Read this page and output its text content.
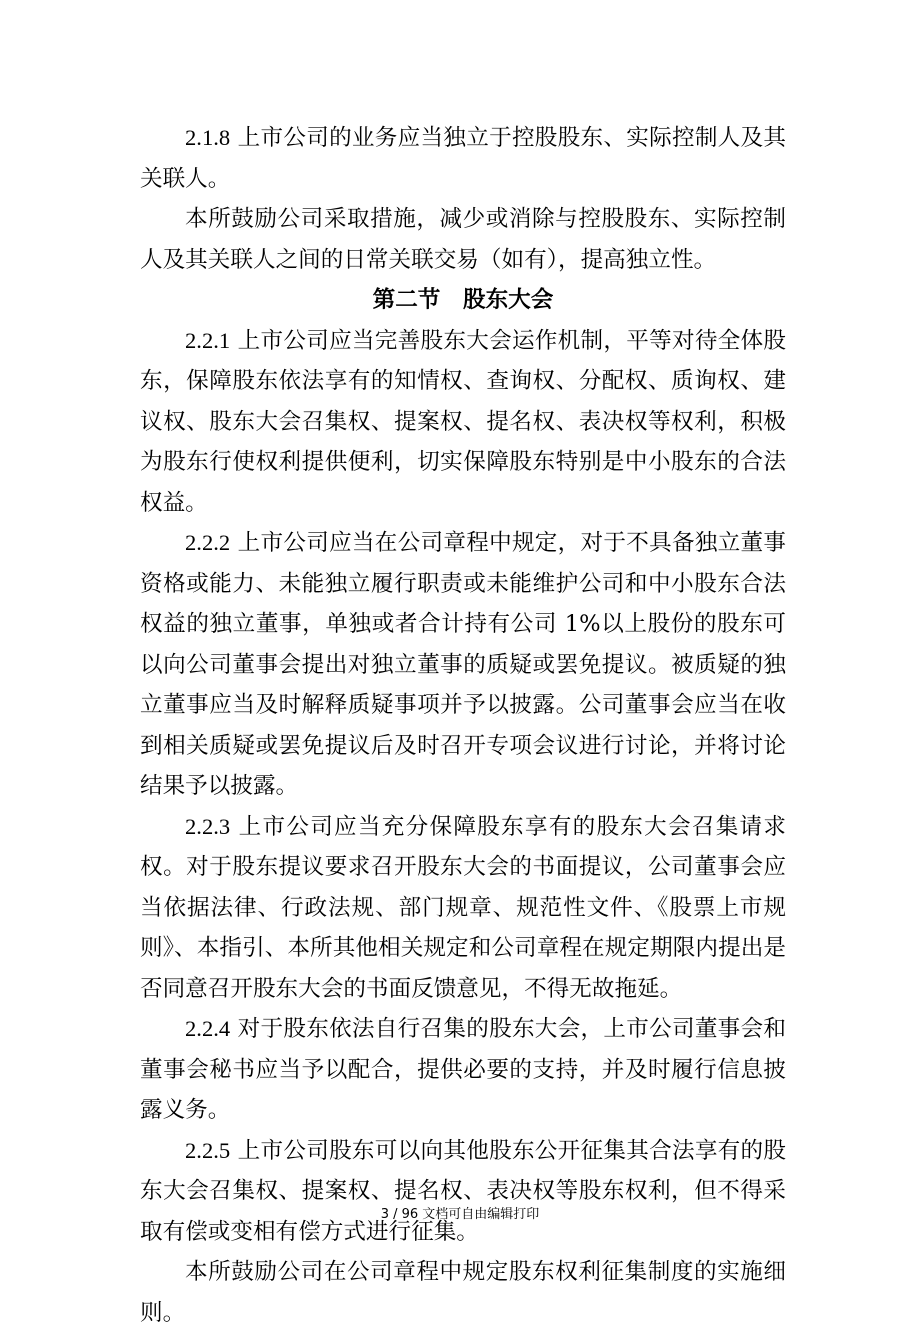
2.1.8 上市公司的业务应当独立于控股股东、实际控制人及其关联人。

本所鼓励公司采取措施，减少或消除与控股股东、实际控制人及其关联人之间的日常关联交易（如有），提高独立性。

第二节　股东大会

2.2.1 上市公司应当完善股东大会运作机制，平等对待全体股东，保障股东依法享有的知情权、查询权、分配权、质询权、建议权、股东大会召集权、提案权、提名权、表决权等权利，积极为股东行使权利提供便利，切实保障股东特别是中小股东的合法权益。

2.2.2 上市公司应当在公司章程中规定，对于不具备独立董事资格或能力、未能独立履行职责或未能维护公司和中小股东合法权益的独立董事，单独或者合计持有公司 1%以上股份的股东可以向公司董事会提出对独立董事的质疑或罢免提议。被质疑的独立董事应当及时解释质疑事项并予以披露。公司董事会应当在收到相关质疑或罢免提议后及时召开专项会议进行讨论，并将讨论结果予以披露。

2.2.3 上市公司应当充分保障股东享有的股东大会召集请求权。对于股东提议要求召开股东大会的书面提议，公司董事会应当依据法律、行政法规、部门规章、规范性文件、《股票上市规则》、本指引、本所其他相关规定和公司章程在规定期限内提出是否同意召开股东大会的书面反馈意见，不得无故拖延。

2.2.4 对于股东依法自行召集的股东大会，上市公司董事会和董事会秘书应当予以配合，提供必要的支持，并及时履行信息披露义务。

2.2.5 上市公司股东可以向其他股东公开征集其合法享有的股东大会召集权、提案权、提名权、表决权等股东权利，但不得采取有偿或变相有偿方式进行征集。

本所鼓励公司在公司章程中规定股东权利征集制度的实施细则。

3 / 96 文档可自由编辑打印
